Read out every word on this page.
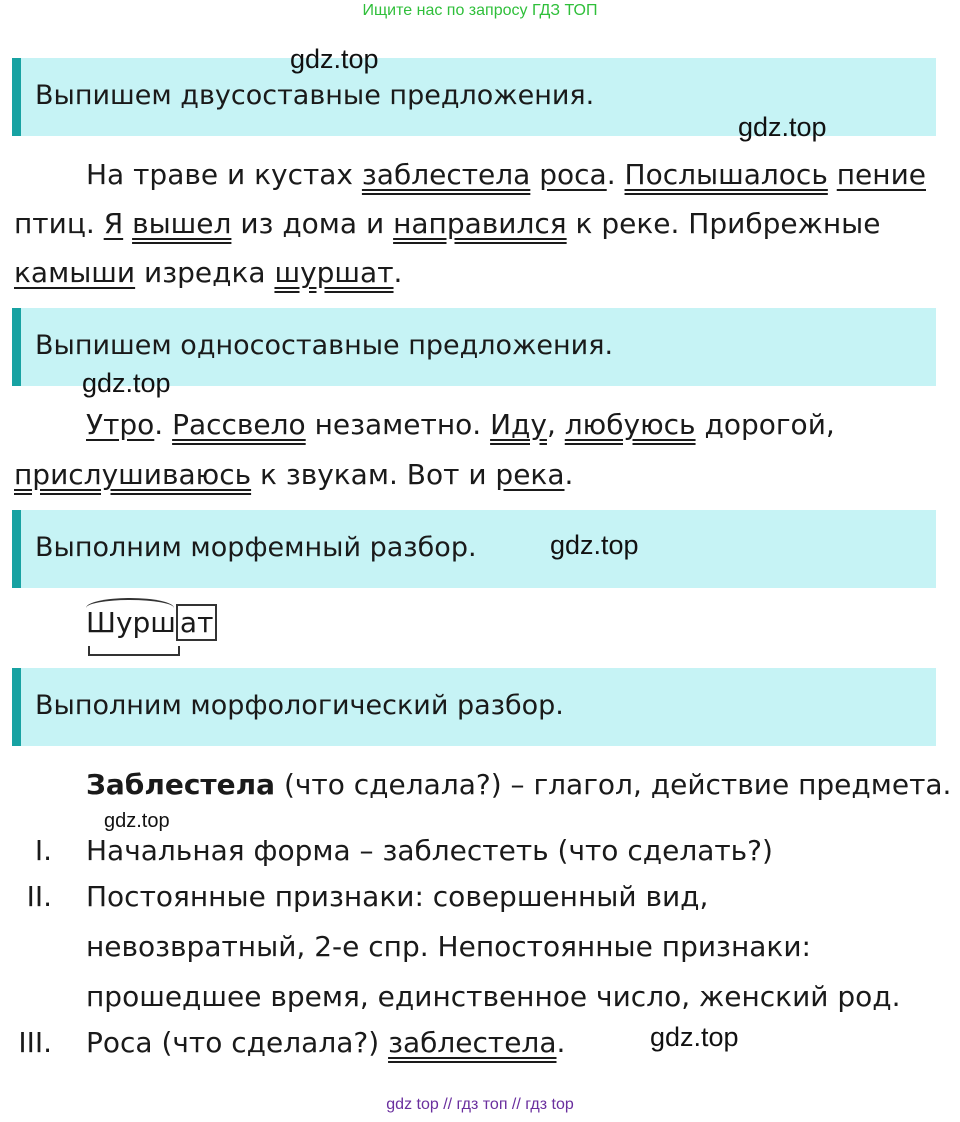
Ищите нас по запросу ГДЗ ТОП
Выпишем двусоставные предложения.
gdz.top
gdz.top
На траве и кустах заблестела роса. Послышалось пение
птиц. Я вышел из дома и направился к реке. Прибрежные
камыши изредка шуршат.
Выпишем односоставные предложения.
gdz.top
Утро. Рассвело незаметно. Иду, любуюсь дорогой,
прислушиваюсь к звукам. Вот и река.
Выполним морфемный разбор.	gdz.top
Шурш ат
Выполним морфологический разбор.
Заблестела (что сделала?) – глагол, действие предмета.
gdz.top
I. Начальная форма – заблестеть (что сделать?)
II. Постоянные признаки: совершенный вид,
невозвратный, 2-е спр. Непостоянные признаки:
прошедшее время, единственное число, женский род.
III. Роса (что сделала?) заблестела.	gdz.top
gdz top // гдз топ // гдз top
